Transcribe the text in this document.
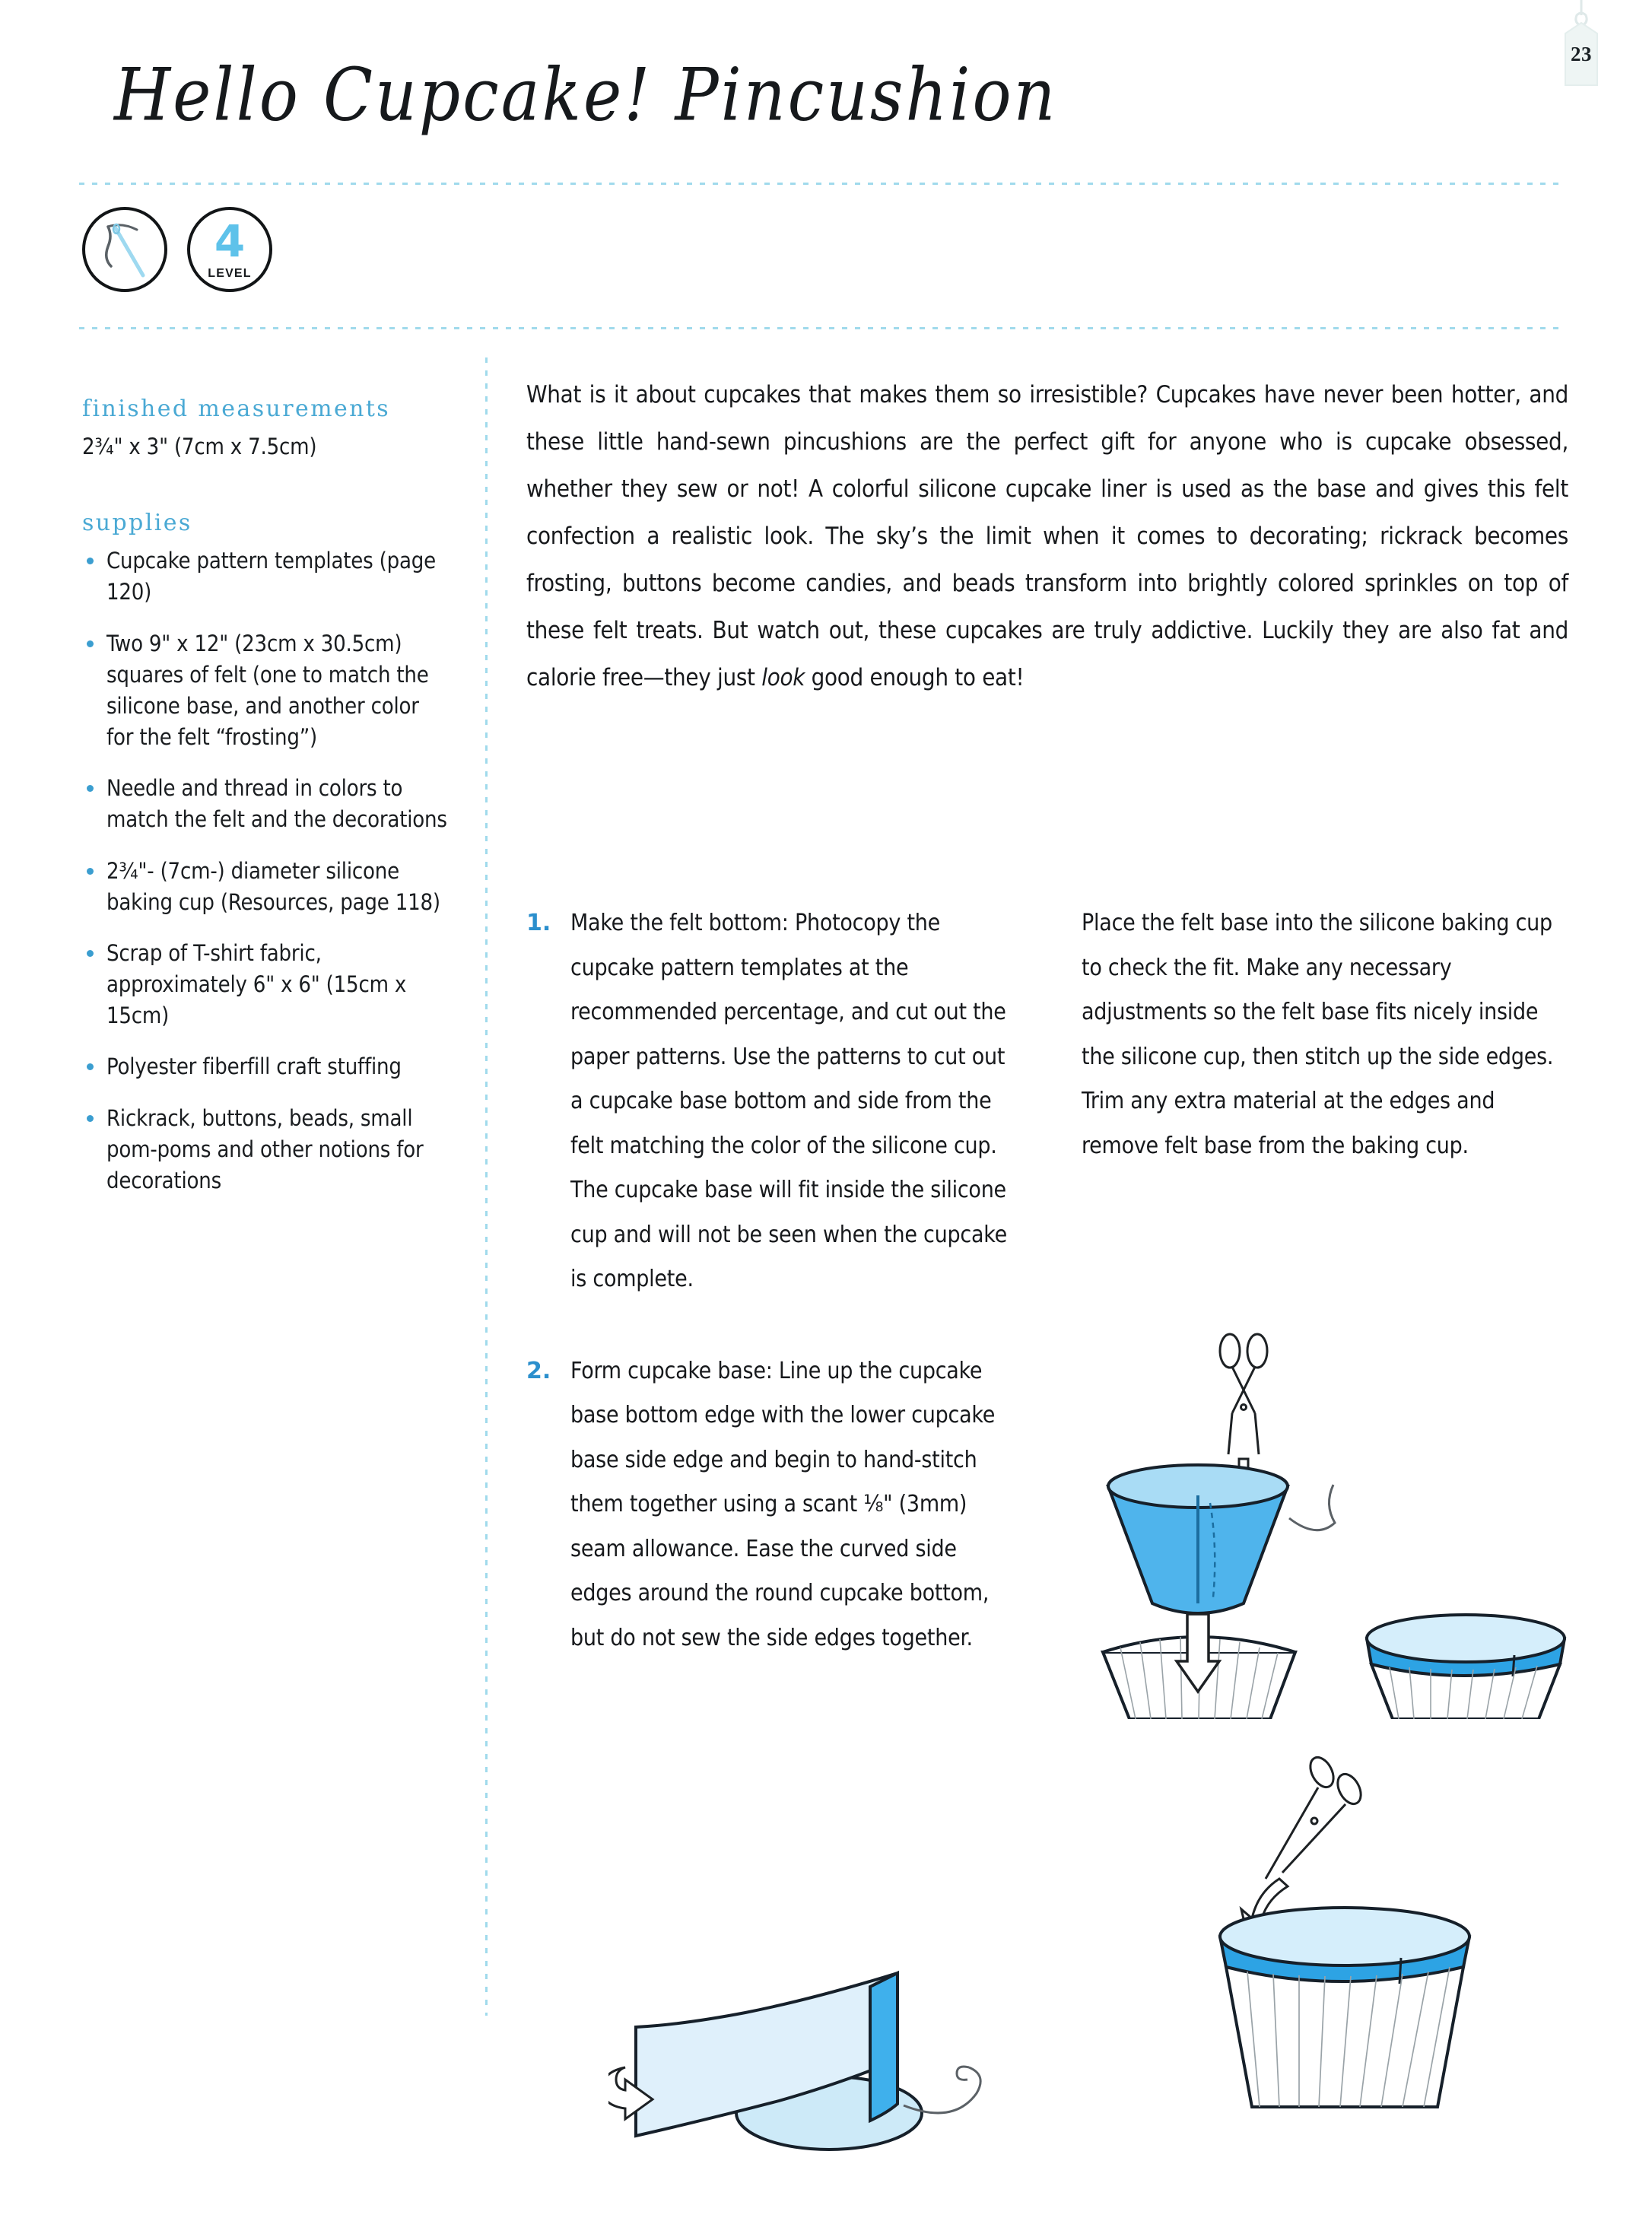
23
Hello Cupcake! Pincushion
4
LEVEL
finished measurements
2¾" x 3" (7cm x 7.5cm)
supplies
Cupcake pattern templates (page 120)
Two 9" x 12" (23cm x 30.5cm) squares of felt (one to match the silicone base, and another color for the felt “frosting”)
Needle and thread in colors to match the felt and the decorations
2¾"- (7cm-) diameter silicone baking cup (Resources, page 118)
Scrap of T-shirt fabric, approximately 6" x 6" (15cm x 15cm)
Polyester fiberfill craft stuffing
Rickrack, buttons, beads, small pom-poms and other notions for decorations
What is it about cupcakes that makes them so irresistible? Cupcakes have never been hotter, and these little hand-sewn pincushions are the perfect gift for anyone who is cupcake obsessed, whether they sew or not! A colorful silicone cupcake liner is used as the base and gives this felt confection a realistic look. The sky’s the limit when it comes to decorating; rickrack becomes frosting, buttons become candies, and beads transform into brightly colored sprinkles on top of these felt treats. But watch out, these cupcakes are truly addictive. Luckily they are also fat and calorie free—they just look good enough to eat!
1. Make the felt bottom: Photocopy the cupcake pattern templates at the recommended percentage, and cut out the paper patterns. Use the patterns to cut out a cupcake base bottom and side from the felt matching the color of the silicone cup. The cupcake base will fit inside the silicone cup and will not be seen when the cupcake is complete.
2. Form cupcake base: Line up the cupcake base bottom edge with the lower cupcake base side edge and begin to hand-stitch them together using a scant ⅛" (3mm) seam allowance. Ease the curved side edges around the round cupcake bottom, but do not sew the side edges together.
Place the felt base into the silicone baking cup to check the fit. Make any necessary adjustments so the felt base fits nicely inside the silicone cup, then stitch up the side edges. Trim any extra material at the edges and remove felt base from the baking cup.
